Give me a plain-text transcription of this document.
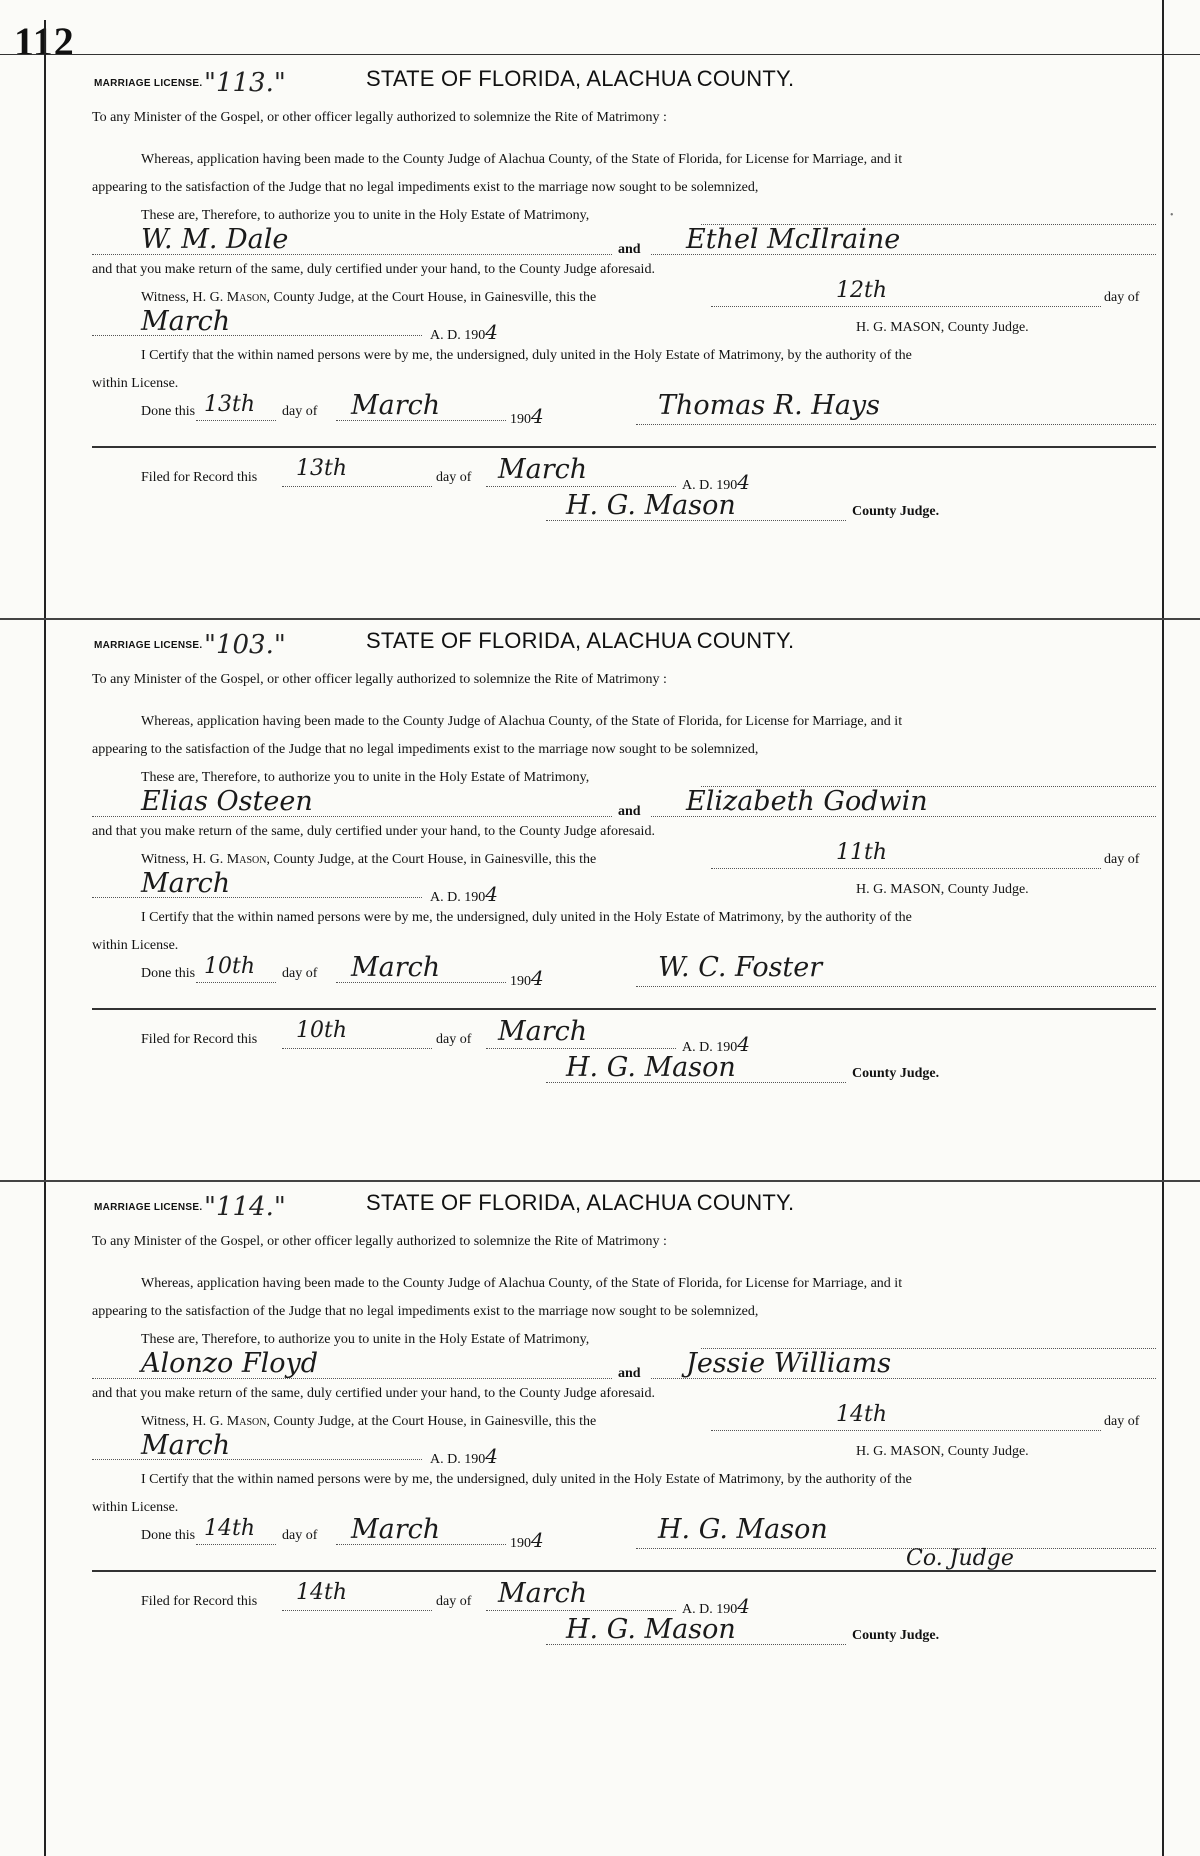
112
•
MARRIAGE LICENSE. "113."	STATE OF FLORIDA, ALACHUA COUNTY.
To any Minister of the Gospel, or other officer legally authorized to solemnize the Rite of Matrimony :
Whereas, application having been made to the County Judge of Alachua County, of the State of Florida, for License for Marriage, and it
appearing to the satisfaction of the Judge that no legal impediments exist to the marriage now sought to be solemnized,
These are, Therefore, to authorize you to unite in the Holy Estate of Matrimony,
W. M. Dale	and Ethel McIlraine
and that you make return of the same, duly certified under your hand, to the County Judge aforesaid.
Witness, H. G. Mason, County Judge, at the Court House, in Gainesville, this the	12th	day of
March	A. D. 1904	H. G. MASON, County Judge.
I Certify that the within named persons were by me, the undersigned, duly united in the Holy Estate of Matrimony, by the authority of the
within License.
Done this 13th day of March	1904	Thomas R. Hays
Filed for Record this 13th	day of March
A. D. 1904
H. G. Mason	County Judge.
MARRIAGE LICENSE. "103."	STATE OF FLORIDA, ALACHUA COUNTY.
To any Minister of the Gospel, or other officer legally authorized to solemnize the Rite of Matrimony :
Whereas, application having been made to the County Judge of Alachua County, of the State of Florida, for License for Marriage, and it
appearing to the satisfaction of the Judge that no legal impediments exist to the marriage now sought to be solemnized,
These are, Therefore, to authorize you to unite in the Holy Estate of Matrimony,
Elias Osteen	and Elizabeth Godwin
and that you make return of the same, duly certified under your hand, to the County Judge aforesaid.
Witness, H. G. Mason, County Judge, at the Court House, in Gainesville, this the	11th	day of
March	A. D. 1904	H. G. MASON, County Judge.
I Certify that the within named persons were by me, the undersigned, duly united in the Holy Estate of Matrimony, by the authority of the
within License.
Done this 10th day of March	1904	W. C. Foster
Filed for Record this 10th	day of March
A. D. 1904
H. G. Mason	County Judge.
MARRIAGE LICENSE. "114."	STATE OF FLORIDA, ALACHUA COUNTY.
To any Minister of the Gospel, or other officer legally authorized to solemnize the Rite of Matrimony :
Whereas, application having been made to the County Judge of Alachua County, of the State of Florida, for License for Marriage, and it
appearing to the satisfaction of the Judge that no legal impediments exist to the marriage now sought to be solemnized,
These are, Therefore, to authorize you to unite in the Holy Estate of Matrimony,
Alonzo Floyd	and Jessie Williams
and that you make return of the same, duly certified under your hand, to the County Judge aforesaid.
Witness, H. G. Mason, County Judge, at the Court House, in Gainesville, this the	14th	day of
March	A. D. 1904	H. G. MASON, County Judge.
I Certify that the within named persons were by me, the undersigned, duly united in the Holy Estate of Matrimony, by the authority of the
within License.
Done this 14th day of March	1904	H. G. Mason
Co. Judge
Filed for Record this 14th	day of March
A. D. 1904
H. G. Mason	County Judge.
